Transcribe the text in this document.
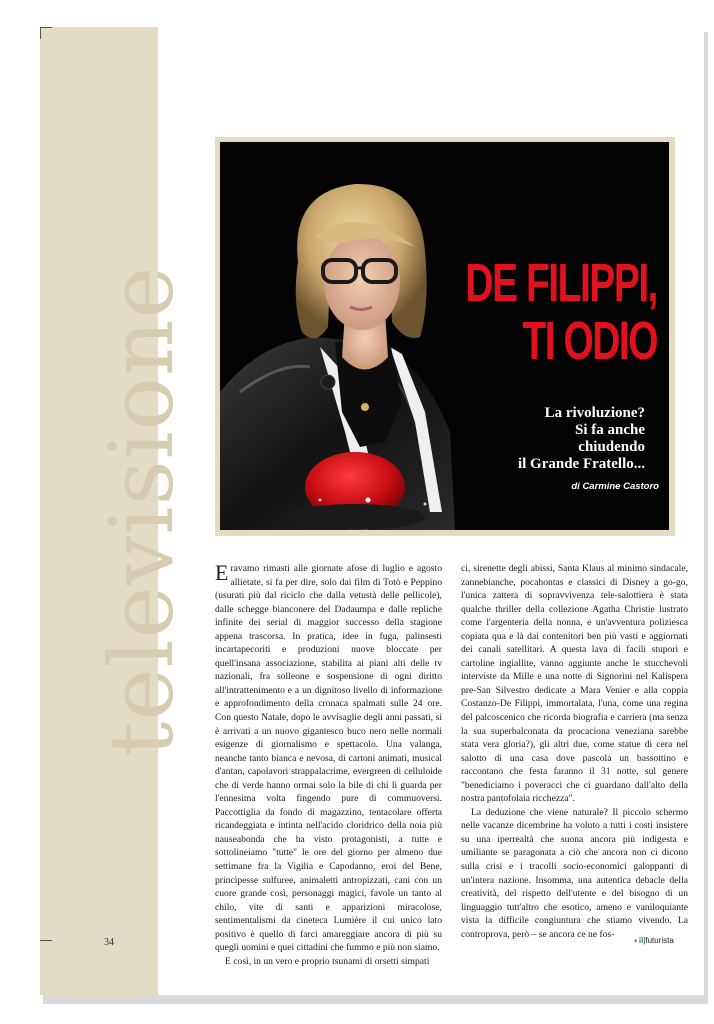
televisione
34
DE FILIPPI,
TI ODIO
La rivoluzione?
Si fa anche
chiudendo
il Grande Fratello...
di Carmine Castoro

Eravamo rimasti alle giornate afose di luglio e agosto allietate, si fa per dire, solo dai film di Totò e Peppino (usurati più dal riciclo che dalla vetustà delle pellicole), dalle schegge bianconere del Dadaumpa e dalle repliche infinite dei serial di maggior successo della stagione appena trascorsa. In pratica, idee in fuga, palinsesti incartapecoriti e produzioni nuove bloccate per quell'insana associazione, stabilita ai piani alti delle tv nazionali, fra solleone e sospensione di ogni diritto all'intrattenimento e a un dignitoso livello di informazione e approfondimento della cronaca spalmati sulle 24 ore. Con questo Natale, dopo le avvisaglie degli anni passati, si è arrivati a un nuovo gigantesco buco nero nelle normali esigenze di giornalismo e spettacolo. Una valanga, neanche tanto bianca e nevosa, di cartoni animati, musical d'antan, capolavori strappalacrime, evergreen di celluloide che di verde hanno ormai solo la bile di chi li guarda per l'ennesima volta fingendo pure di commuoversi. Paccottiglia da fondo di magazzino, tentacolare offerta ricandeggiata e intinta nell'acido cloridrico della noia più nauseabonda che ha visto protagonisti, a tutte e sottolineiamo "tutte" le ore del giorno per almeno due settimane fra la Vigilia e Capodanno, eroi del Bene, principesse sulfuree, animaletti antropizzati, cani con un cuore grande così, personaggi magici, favole un tanto al chilo, vite di santi e apparizioni miracolose, sentimentalismi da cineteca Lumière il cui unico lato positivo è quello di farci amareggiare ancora di più su quegli uomini e quei cittadini che fummo e più non siamo.

E così, in un vero e proprio tsunami di orsetti simpati

ci, sirenette degli abissi, Santa Klaus al minimo sindacale, zannebianche, pocahontas e classici di Disney a go-go, l'unica zattera di sopravvivenza tele-salottiera è stata qualche thriller della collezione Agatha Christie lustrato come l'argenteria della nonna, e un'avventura poliziesca copiata qua e là dai contenitori ben più vasti e aggiornati dei canali satellitari. A questa lava di facili stupori e cartoline ingiallite, vanno aggiunte anche le stucchevoli interviste da Mille e una notte di Signorini nel Kalispera pre-San Silvestro dedicate a Mara Venier e alla coppia Costanzo-De Filippi, immortalata, l'una, come una regina del palcoscenico che ricorda biografia e carriera (ma senza la sua superbalconata da procaciona veneziana sarebbe stata vera gloria?), gli altri due, come statue di cera nel salotto di una casa dove pascola un bassottino e raccontano che festa faranno il 31 notte, sul genere "benediciamo i poveracci che ci guardano dall'alto della nostra pantofolaia ricchezza".

La deduzione che viene naturale? Il piccolo schermo nelle vacanze dicembrine ha voluto a tutti i costi insistere su una iperrealtà che suona ancora più indigesta e umiliante se paragonata a ciò che ancora non ci dicono sulla crisi e i tracolli socio-economici galoppanti di un'intera nazione. Insomma, una autentica debacle della creatività, del rispetto dell'utente e del bisogno di un linguaggio tutt'altro che esotico, ameno e vaniloquiante vista la difficile congiuntura che stiamo vivendo. La controprova, però – se ancora ce ne fos-

◐il|futurista
